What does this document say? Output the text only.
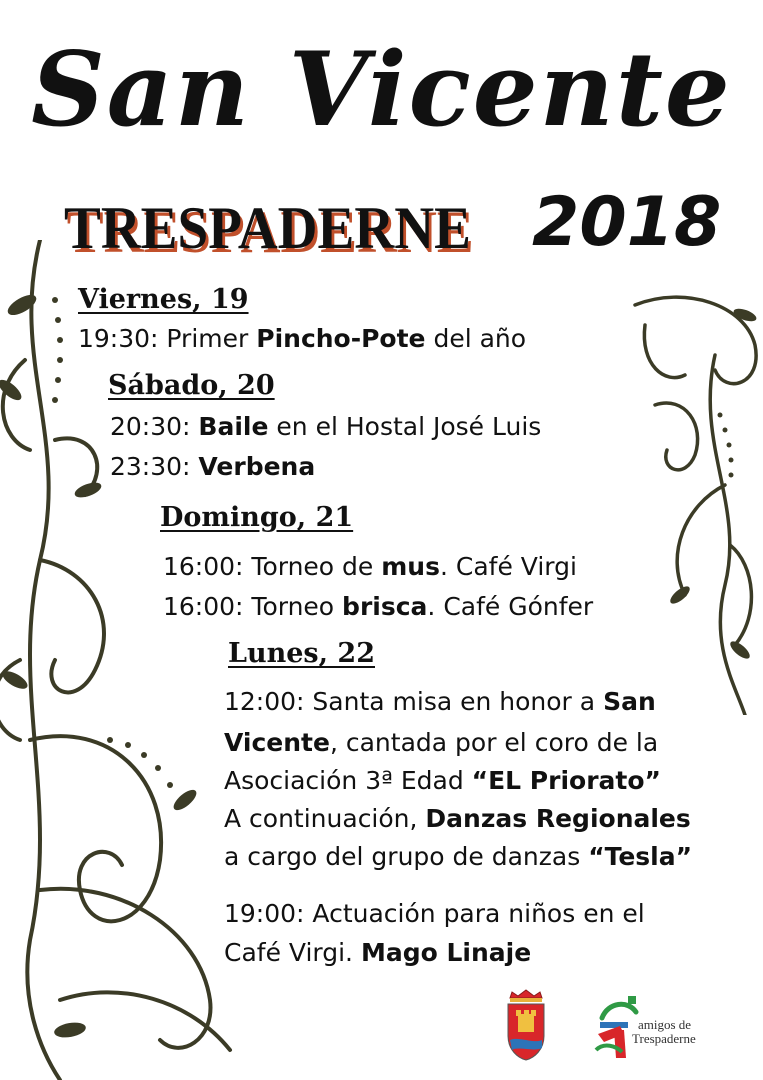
San Vicente
TRESPADERNE 2018
Viernes, 19
19:30: Primer Pincho-Pote del año
Sábado, 20
20:30: Baile en el Hostal José Luis
23:30: Verbena
Domingo, 21
16:00: Torneo de mus. Café Virgi
16:00: Torneo brisca. Café Gónfer
Lunes, 22
12:00: Santa misa en honor a San
Vicente, cantada por el coro de la
Asociación 3ª Edad “EL Priorato”
A continuación, Danzas Regionales
a cargo del grupo de danzas “Tesla”
19:00: Actuación para niños en el
Café Virgi. Mago Linaje
amigos de
Trespaderne
